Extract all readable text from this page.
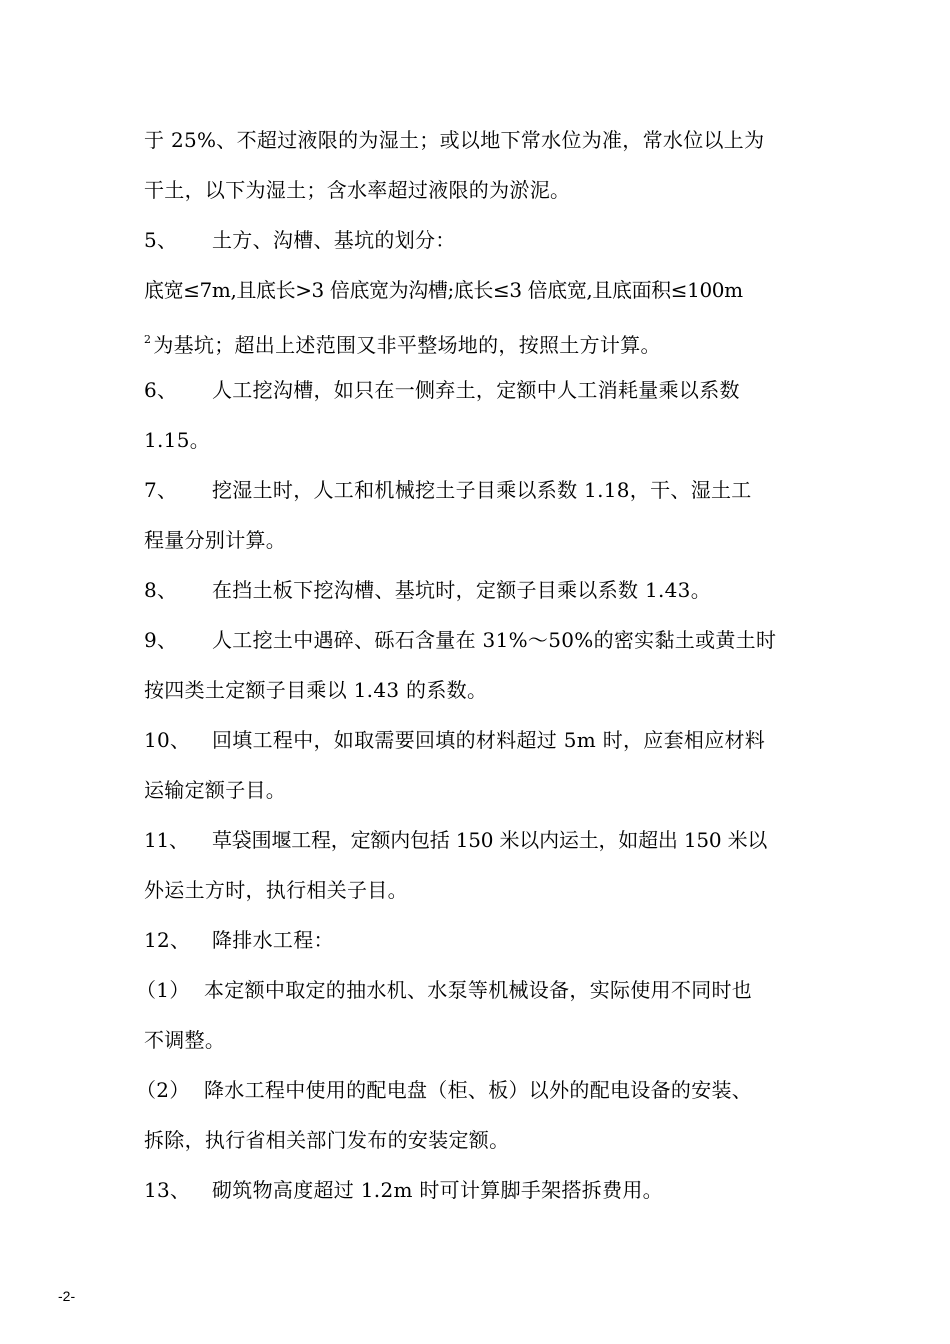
于 25%、不超过液限的为湿土；或以地下常水位为准，常水位以上为
干土，以下为湿土；含水率超过液限的为淤泥。
5、 土方、沟槽、基坑的划分：
底宽≤7m,且底长>3 倍底宽为沟槽;底长≤3 倍底宽,且底面积≤100m
$^2$ 为基坑；超出上述范围又非平整场地的，按照土方计算。
6、 人工挖沟槽，如只在一侧弃土，定额中人工消耗量乘以系数
1.15。
7、 挖湿土时，人工和机械挖土子目乘以系数 1.18，干、湿土工
程量分别计算。
8、 在挡土板下挖沟槽、基坑时，定额子目乘以系数 1.43。
9、 人工挖土中遇碎、砾石含量在 31%～50%的密实黏土或黄土时
按四类土定额子目乘以 1.43 的系数。
10、 回填工程中，如取需要回填的材料超过 5m 时，应套相应材料
运输定额子目。
11、 草袋围堰工程，定额内包括 150 米以内运土，如超出 150 米以
外运土方时，执行相关子目。
12、 降排水工程：
（1） 本定额中取定的抽水机、水泵等机械设备，实际使用不同时也
不调整。
（2） 降水工程中使用的配电盘（柜、板）以外的配电设备的安装、
拆除，执行省相关部门发布的安装定额。
13、 砌筑物高度超过 1.2m 时可计算脚手架搭拆费用。
-2-
